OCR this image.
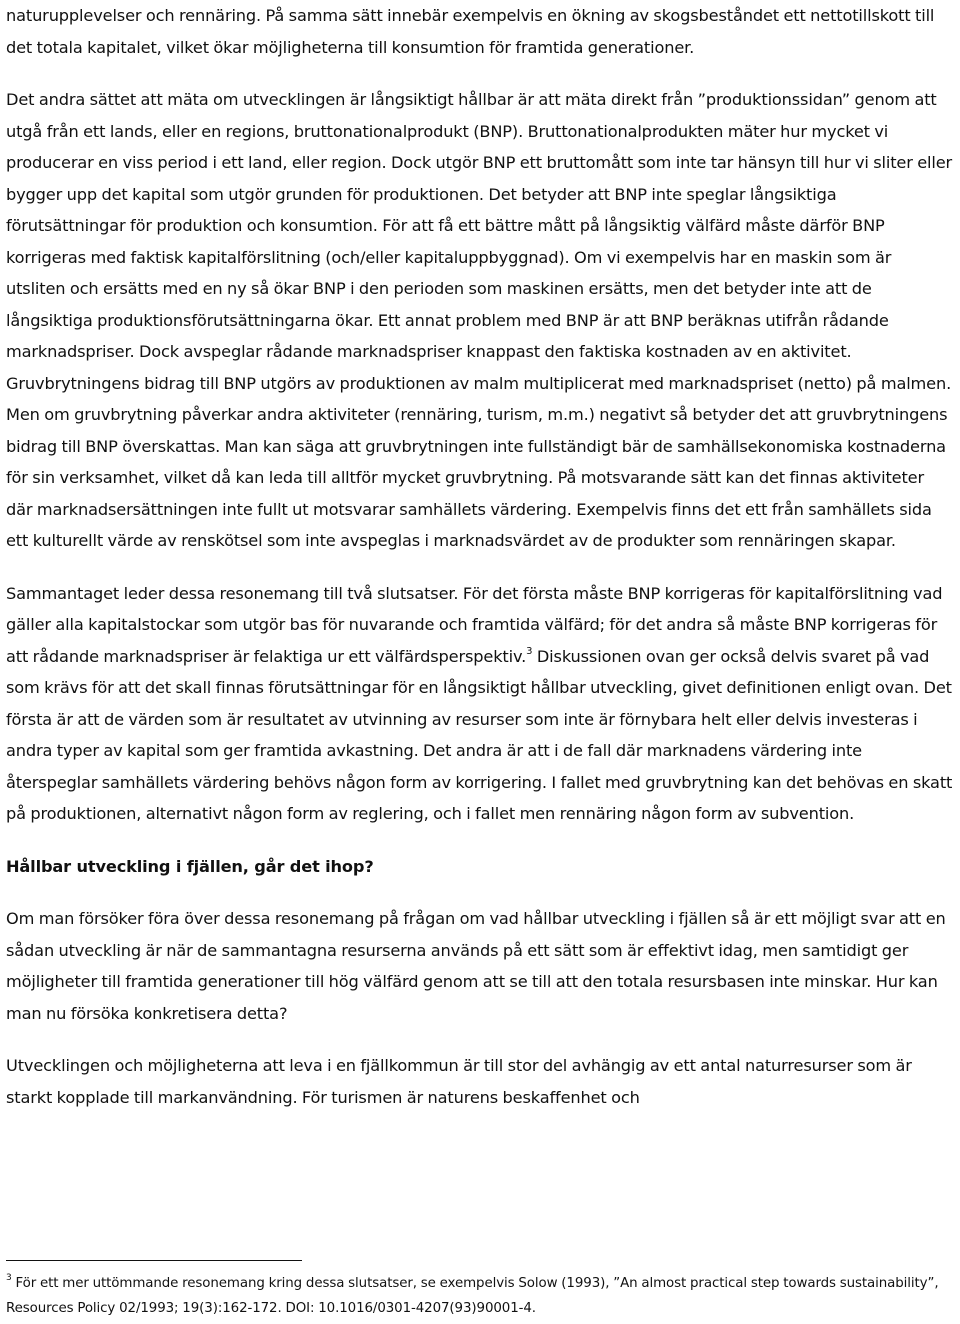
naturupplevelser och rennäring. På samma sätt innebär exempelvis en ökning av skogsbeståndet ett nettotillskott till det totala kapitalet, vilket ökar möjligheterna till konsumtion för framtida generationer.

Det andra sättet att mäta om utvecklingen är långsiktigt hållbar är att mäta direkt från ”produktionssidan” genom att utgå från ett lands, eller en regions, bruttonationalprodukt (BNP). Bruttonationalprodukten mäter hur mycket vi producerar en viss period i ett land, eller region. Dock utgör BNP ett bruttomått som inte tar hänsyn till hur vi sliter eller bygger upp det kapital som utgör grunden för produktionen. Det betyder att BNP inte speglar långsiktiga förutsättningar för produktion och konsumtion. För att få ett bättre mått på långsiktig välfärd måste därför BNP korrigeras med faktisk kapitalförslitning (och/eller kapitaluppbyggnad). Om vi exempelvis har en maskin som är utsliten och ersätts med en ny så ökar BNP i den perioden som maskinen ersätts, men det betyder inte att de långsiktiga produktionsförutsättningarna ökar. Ett annat problem med BNP är att BNP beräknas utifrån rådande marknadspriser. Dock avspeglar rådande marknadspriser knappast den faktiska kostnaden av en aktivitet. Gruvbrytningens bidrag till BNP utgörs av produktionen av malm multiplicerat med marknadspriset (netto) på malmen. Men om gruvbrytning påverkar andra aktiviteter (rennäring, turism, m.m.) negativt så betyder det att gruvbrytningens bidrag till BNP överskattas. Man kan säga att gruvbrytningen inte fullständigt bär de samhällsekonomiska kostnaderna för sin verksamhet, vilket då kan leda till alltför mycket gruvbrytning. På motsvarande sätt kan det finnas aktiviteter där marknadsersättningen inte fullt ut motsvarar samhällets värdering. Exempelvis finns det ett från samhällets sida ett kulturellt värde av renskötsel som inte avspeglas i marknadsvärdet av de produkter som rennäringen skapar.

Sammantaget leder dessa resonemang till två slutsatser. För det första måste BNP korrigeras för kapitalförslitning vad gäller alla kapitalstockar som utgör bas för nuvarande och framtida välfärd; för det andra så måste BNP korrigeras för att rådande marknadspriser är felaktiga ur ett välfärdsperspektiv.$^3$ Diskussionen ovan ger också delvis svaret på vad som krävs för att det skall finnas förutsättningar för en långsiktigt hållbar utveckling, givet definitionen enligt ovan. Det första är att de värden som är resultatet av utvinning av resurser som inte är förnybara helt eller delvis investeras i andra typer av kapital som ger framtida avkastning. Det andra är att i de fall där marknadens värdering inte återspeglar samhällets värdering behövs någon form av korrigering. I fallet med gruvbrytning kan det behövas en skatt på produktionen, alternativt någon form av reglering, och i fallet men rennäring någon form av subvention.

Hållbar utveckling i fjällen, går det ihop?

Om man försöker föra över dessa resonemang på frågan om vad hållbar utveckling i fjällen så är ett möjligt svar att en sådan utveckling är när de sammantagna resurserna används på ett sätt som är effektivt idag, men samtidigt ger möjligheter till framtida generationer till hög välfärd genom att se till att den totala resursbasen inte minskar. Hur kan man nu försöka konkretisera detta?

Utvecklingen och möjligheterna att leva i en fjällkommun är till stor del avhängig av ett antal naturresurser som är starkt kopplade till markanvändning. För turismen är naturens beskaffenhet och

$^3$ För ett mer uttömmande resonemang kring dessa slutsatser, se exempelvis Solow (1993), ”An almost practical step towards sustainability”, Resources Policy 02/1993; 19(3):162-172. DOI: 10.1016/0301-4207(93)90001-4.
